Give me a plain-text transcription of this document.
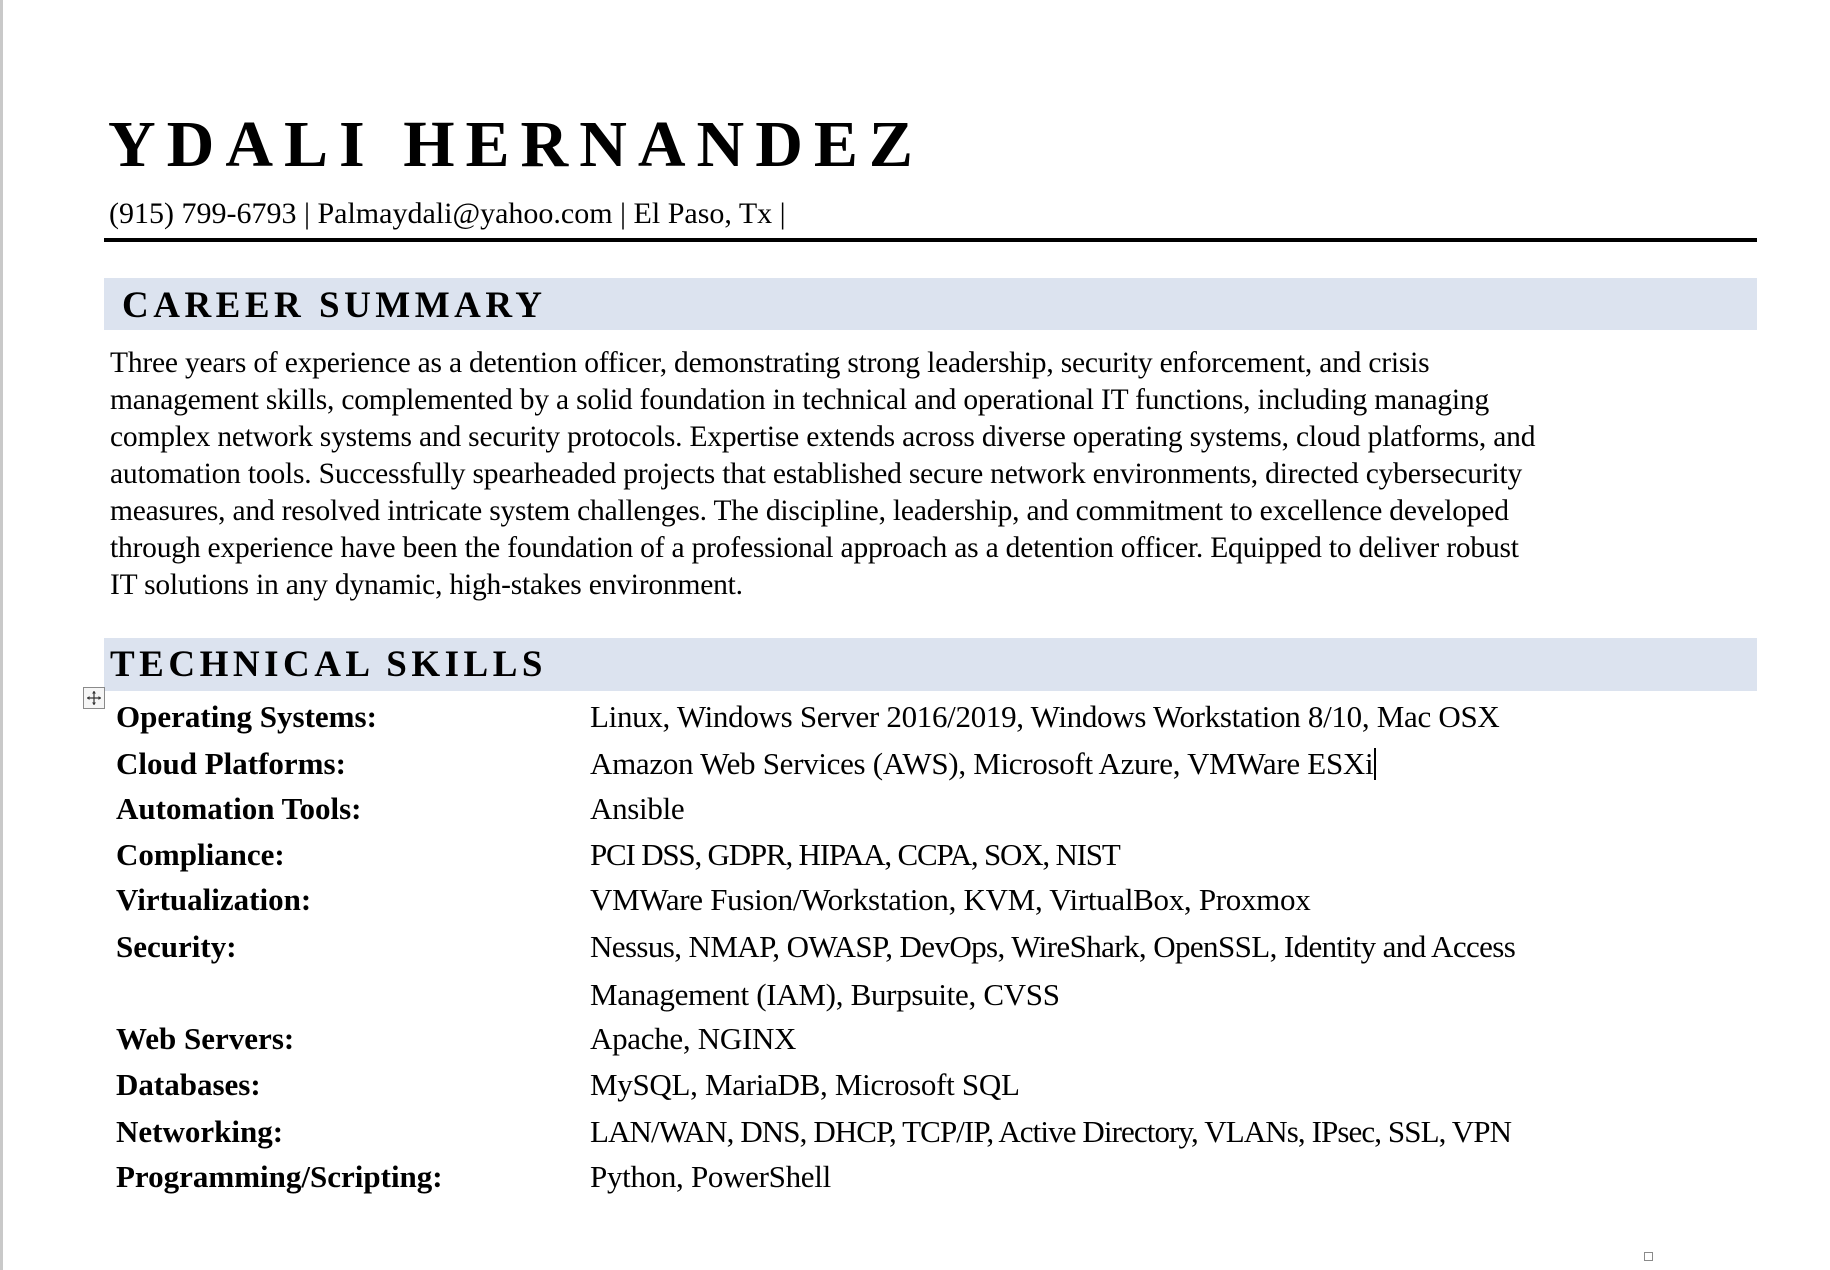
YDALI HERNANDEZ
(915) 799-6793 | Palmaydali@yahoo.com | El Paso, Tx |
CAREER SUMMARY
Three years of experience as a detention officer, demonstrating strong leadership, security enforcement, and crisis
management skills, complemented by a solid foundation in technical and operational IT functions, including managing
complex network systems and security protocols. Expertise extends across diverse operating systems, cloud platforms, and
automation tools. Successfully spearheaded projects that established secure network environments, directed cybersecurity
measures, and resolved intricate system challenges. The discipline, leadership, and commitment to excellence developed
through experience have been the foundation of a professional approach as a detention officer. Equipped to deliver robust
IT solutions in any dynamic, high-stakes environment.
TECHNICAL SKILLS
Operating Systems:	Linux, Windows Server 2016/2019, Windows Workstation 8/10, Mac OSX
Cloud Platforms:	Amazon Web Services (AWS), Microsoft Azure, VMWare ESXi
Automation Tools:	Ansible
Compliance:	PCI DSS, GDPR, HIPAA, CCPA, SOX, NIST
Virtualization:	VMWare Fusion/Workstation, KVM, VirtualBox, Proxmox
Security:	Nessus, NMAP, OWASP, DevOps, WireShark, OpenSSL, Identity and Access
Management (IAM), Burpsuite, CVSS
Web Servers:	Apache, NGINX
Databases:	MySQL, MariaDB, Microsoft SQL
Networking:	LAN/WAN, DNS, DHCP, TCP/IP, Active Directory, VLANs, IPsec, SSL, VPN
Programming/Scripting:	Python, PowerShell
